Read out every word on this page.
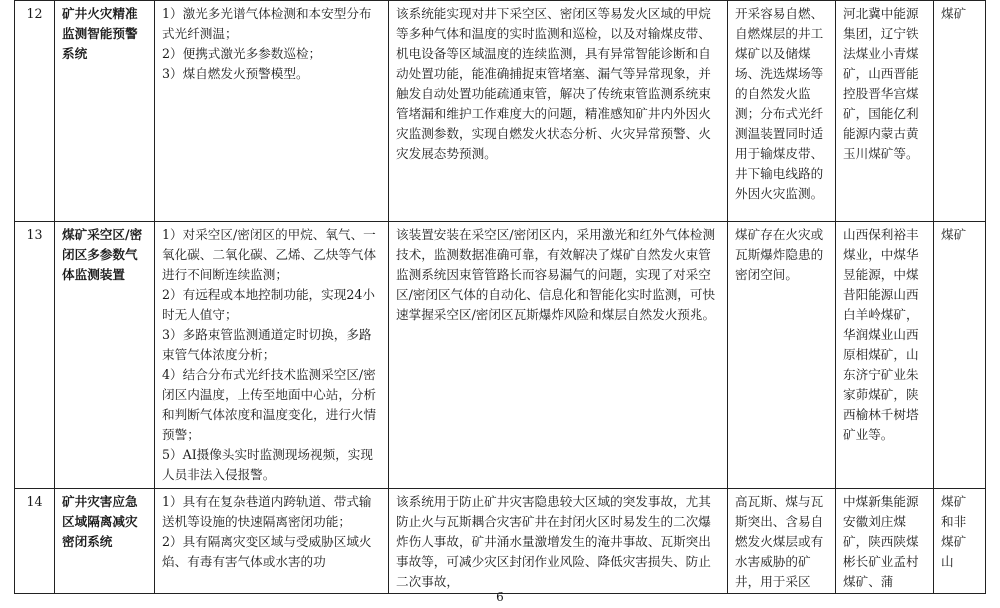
12	矿井火灾精准监测智能预警系统	1）激光多光谱气体检测和本安型分布式光纤测温；
2）便携式激光多参数巡检；
3）煤自燃发火预警模型。	该系统能实现对井下采空区、密闭区等易发火区域的甲烷等多种气体和温度的实时监测和巡检，以及对输煤皮带、机电设备等区域温度的连续监测，具有异常智能诊断和自动处置功能，能准确捕捉束管堵塞、漏气等异常现象，并触发自动处置功能疏通束管，解决了传统束管监测系统束管堵漏和维护工作难度大的问题，精准感知矿井内外因火灾监测参数，实现自燃发火状态分析、火灾异常预警、火灾发展态势预测。	开采容易自燃、自燃煤层的井工煤矿以及储煤场、洗选煤场等的自然发火监测；分布式光纤测温装置同时适用于输煤皮带、井下输电线路的外因火灾监测。	河北冀中能源集团，辽宁铁法煤业小青煤矿，山西晋能控股晋华宫煤矿，国能亿利能源内蒙古黄玉川煤矿等。	煤矿
13	煤矿采空区/密闭区多参数气体监测装置	1）对采空区/密闭区的甲烷、氧气、一氧化碳、二氧化碳、乙烯、乙炔等气体进行不间断连续监测；
2）有远程或本地控制功能，实现24小时无人值守；
3）多路束管监测通道定时切换，多路束管气体浓度分析；
4）结合分布式光纤技术监测采空区/密闭区内温度，上传至地面中心站，分析和判断气体浓度和温度变化，进行火情预警；
5）AI摄像头实时监测现场视频，实现人员非法入侵报警。	该装置安装在采空区/密闭区内，采用激光和红外气体检测技术，监测数据准确可靠，有效解决了煤矿自然发火束管监测系统因束管管路长而容易漏气的问题，实现了对采空区/密闭区气体的自动化、信息化和智能化实时监测，可快速掌握采空区/密闭区瓦斯爆炸风险和煤层自然发火预兆。	煤矿存在火灾或瓦斯爆炸隐患的密闭空间。	山西保利裕丰煤业，中煤华昱能源，中煤昔阳能源山西白羊岭煤矿，华润煤业山西原相煤矿，山东济宁矿业朱家茆煤矿，陕西榆林千树塔矿业等。	煤矿
14	矿井灾害应急区域隔离减灾密闭系统	1）具有在复杂巷道内跨轨道、带式输送机等设施的快速隔离密闭功能；
2）具有隔离灾变区域与受威胁区域火焰、有毒有害气体或水害的功	该系统用于防止矿井灾害隐患较大区域的突发事故，尤其防止火与瓦斯耦合灾害矿井在封闭火区时易发生的二次爆炸伤人事故，矿井涌水量激增发生的淹井事故、瓦斯突出事故等，可减少灾区封闭作业风险、降低灾害损失、防止二次事故，	高瓦斯、煤与瓦斯突出、含易自燃发火煤层或有水害威胁的矿井，用于采区	中煤新集能源安徽刘庄煤矿，陕西陕煤彬长矿业孟村煤矿、蒲	煤矿和非煤矿山
6
